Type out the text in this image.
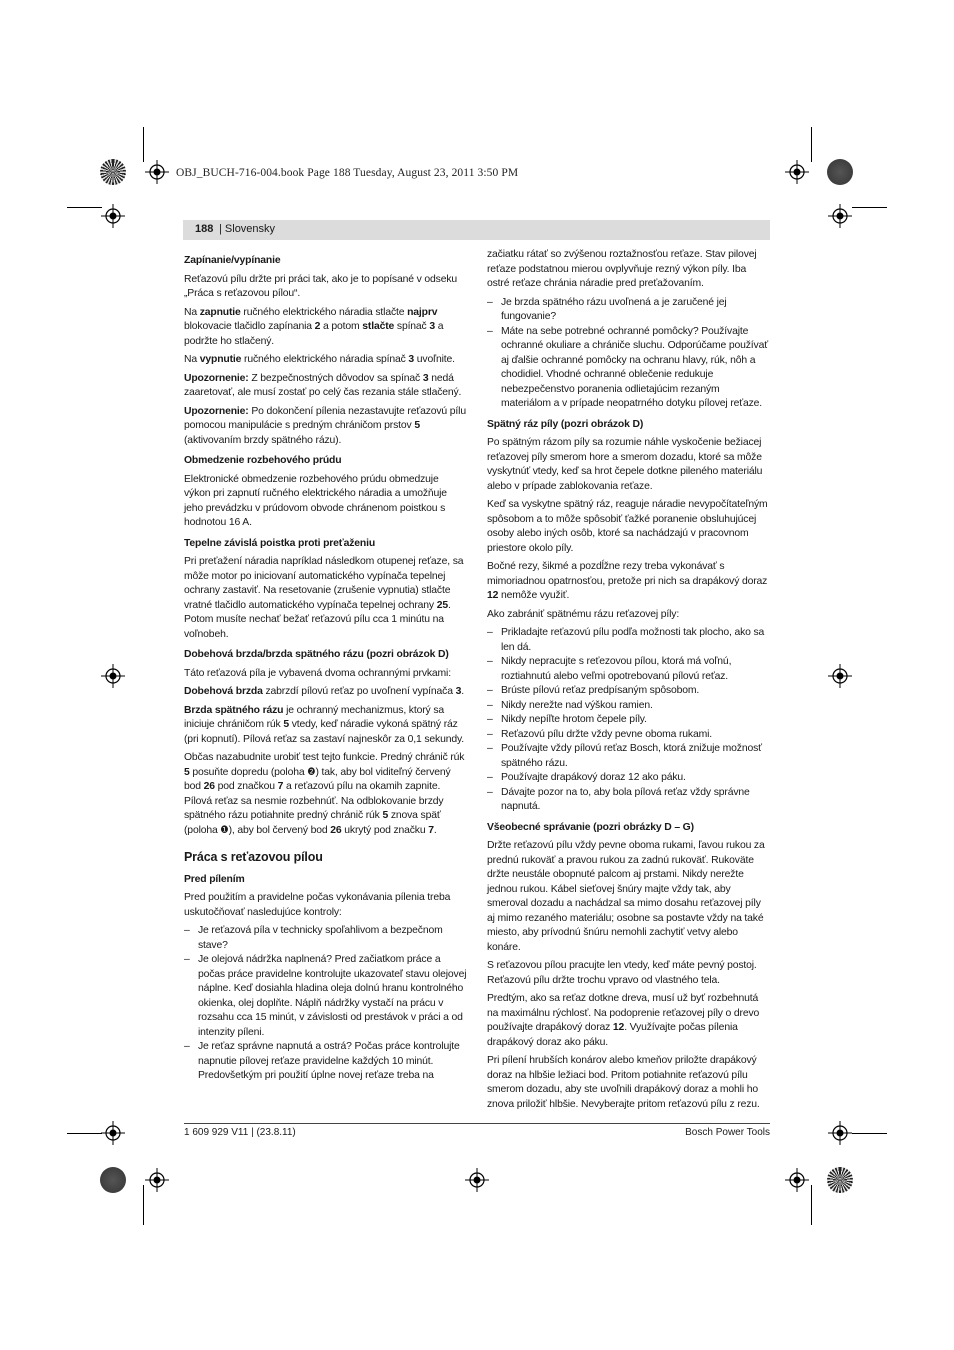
OBJ_BUCH-716-004.book Page 188 Tuesday, August 23, 2011 3:50 PM
188 | Slovensky
Zapínanie/vypínanie

Reťazovú pílu držte pri práci tak, ako je to popísané v odseku „Práca s reťazovou pílou“.

Na zapnutie ručného elektrického náradia stlačte najprv blokovacie tlačidlo zapínania 2 a potom stlačte spínač 3 a podržte ho stlačený.

Na vypnutie ručného elektrického náradia spínač 3 uvoľnite.

Upozornenie: Z bezpečnostných dôvodov sa spínač 3 nedá zaaretovať, ale musí zostať po celý čas rezania stále stlačený.

Upozornenie: Po dokončení pílenia nezastavujte reťazovú pílu pomocou manipulácie s predným chráničom prstov 5 (aktivovaním brzdy spätného rázu).

Obmedzenie rozbehového prúdu

Elektronické obmedzenie rozbehového prúdu obmedzuje výkon pri zapnutí ručného elektrického náradia a umožňuje jeho prevádzku v prúdovom obvode chránenom poistkou s hodnotou 16 A.

Tepelne závislá poistka proti preťaženiu

Pri preťažení náradia napríklad následkom otupenej reťaze, sa môže motor po iniciovaní automatického vypínača tepelnej ochrany zastaviť. Na resetovanie (zrušenie vypnutia) stlačte vratné tlačidlo automatického vypínača tepelnej ochrany 25. Potom musíte nechať bežať reťazovú pílu cca 1 minútu na voľnobeh.

Dobehová brzda/brzda spätného rázu (pozri obrázok D)

Táto reťazová píla je vybavená dvoma ochrannými prvkami:

Dobehová brzda zabrzdí pílovú reťaz po uvoľnení vypínača 3.

Brzda spätného rázu je ochranný mechanizmus, ktorý sa iniciuje chráničom rúk 5 vtedy, keď náradie vykoná spätný ráz (pri kopnutí). Pílová reťaz sa zastaví najneskôr za 0,1 sekundy.

Občas nazabudnite urobiť test tejto funkcie. Predný chránič rúk 5 posuňte dopredu (poloha ❷) tak, aby bol viditeľný červený bod 26 pod značkou 7 a reťazovú pílu na okamih zapnite. Pílová reťaz sa nesmie rozbehnúť. Na odblokovanie brzdy spätného rázu potiahnite predný chránič rúk 5 znova späť (poloha ❶), aby bol červený bod 26 ukrytý pod značku 7.

Práca s reťazovou pílou
Pred pílením

Pred použitím a pravidelne počas vykonávania pílenia treba uskutočňovať nasledujúce kontroly:

– Je reťazová píla v technicky spoľahlivom a bezpečnom stave?
– Je olejová nádržka naplnená? Pred začiatkom práce a počas práce pravidelne kontrolujte ukazovateľ stavu olejovej náplne. Keď dosiahla hladina oleja dolnú hranu kontrolného okienka, olej doplňte. Náplň nádržky vystačí na prácu v rozsahu cca 15 minút, v závislosti od prestávok v práci a od intenzity píleni.
– Je reťaz správne napnutá a ostrá? Počas práce kontrolujte napnutie pílovej reťaze pravidelne každých 10 minút. Predovšetkým pri použití úplne novej reťaze treba na

začiatku rátať so zvýšenou roztažnosťou reťaze. Stav pilovej reťaze podstatnou mierou ovplyvňuje rezný výkon píly. Iba ostré reťaze chránia náradie pred preťažovaním.

– Je brzda spätného rázu uvoľnená a je zaručené jej fungovanie?
– Máte na sebe potrebné ochranné pomôcky? Používajte ochranné okuliare a chrániče sluchu. Odporúčame používať aj ďalšie ochranné pomôcky na ochranu hlavy, rúk, nôh a chodidiel. Vhodné ochranné oblečenie redukuje nebezpečenstvo poranenia odlietajúcim rezaným materiálom a v prípade neopatrného dotyku pílovej reťaze.
Spätný ráz píly (pozri obrázok D)

Po spätným rázom píly sa rozumie náhle vyskočenie bežiacej reťazovej píly smerom hore a smerom dozadu, ktoré sa môže vyskytnúť vtedy, keď sa hrot čepele dotkne pileného materiálu alebo v prípade zablokovania reťaze.

Keď sa vyskytne spätný ráz, reaguje náradie nevypočítateľným spôsobom a to môže spôsobiť ťažké poranenie obsluhujúcej osoby alebo iných osôb, ktoré sa nachádzajú v pracovnom priestore okolo píly.

Bočné rezy, šikmé a pozdĺžne rezy treba vykonávať s mimoriadnou opatrnosťou, pretože pri nich sa drapákový doraz 12 nemôže využiť.

Ako zabrániť spätnému rázu reťazovej píly:

– Prikladajte reťazovú pílu podľa možnosti tak plocho, ako sa len dá.
– Nikdy nepracujte s reťezovou pílou, ktorá má voľnú, roztiahnutú alebo veľmi opotrebovanú pílovú reťaz.
– Brúste pílovú reťaz predpísaným spôsobom.
– Nikdy nerežte nad výškou ramien.
– Nikdy nepíľte hrotom čepele píly.
– Reťazovú pílu držte vždy pevne oboma rukami.
– Používajte vždy pílovú reťaz Bosch, ktorá znižuje možnosť spätného rázu.
– Používajte drapákový doraz 12 ako páku.
– Dávajte pozor na to, aby bola pílová reťaz vždy správne napnutá.
Všeobecné správanie (pozri obrázky D – G)

Držte reťazovú pílu vždy pevne oboma rukami, ľavou rukou za prednú rukoväť a pravou rukou za zadnú rukoväť. Rukoväte držte neustále obopnuté palcom aj prstami. Nikdy nerežte jednou rukou. Kábel sieťovej šnúry majte vždy tak, aby smeroval dozadu a nachádzal sa mimo dosahu reťazovej píly aj mimo rezaného materiálu; osobne sa postavte vždy na také miesto, aby prívodnú šnúru nemohli zachytiť vetvy alebo konáre.

S reťazovou pílou pracujte len vtedy, keď máte pevný postoj. Reťazovú pílu držte trochu vpravo od vlastného tela.

Predtým, ako sa reťaz dotkne dreva, musí už byť rozbehnutá na maximálnu rýchlosť. Na podoprenie reťazovej píly o drevo používajte drapákový doraz 12. Využívajte počas pílenia drapákový doraz ako páku.

Pri pílení hrubších konárov alebo kmeňov priložte drapákový doraz na hlbšie ležiaci bod. Pritom potiahnite reťazovú pílu smerom dozadu, aby ste uvoľnili drapákový doraz a mohli ho znova priložiť hlbšie. Nevyberajte pritom reťazovú pílu z rezu.

1 609 929 V11 | (23.8.11)	Bosch Power Tools
